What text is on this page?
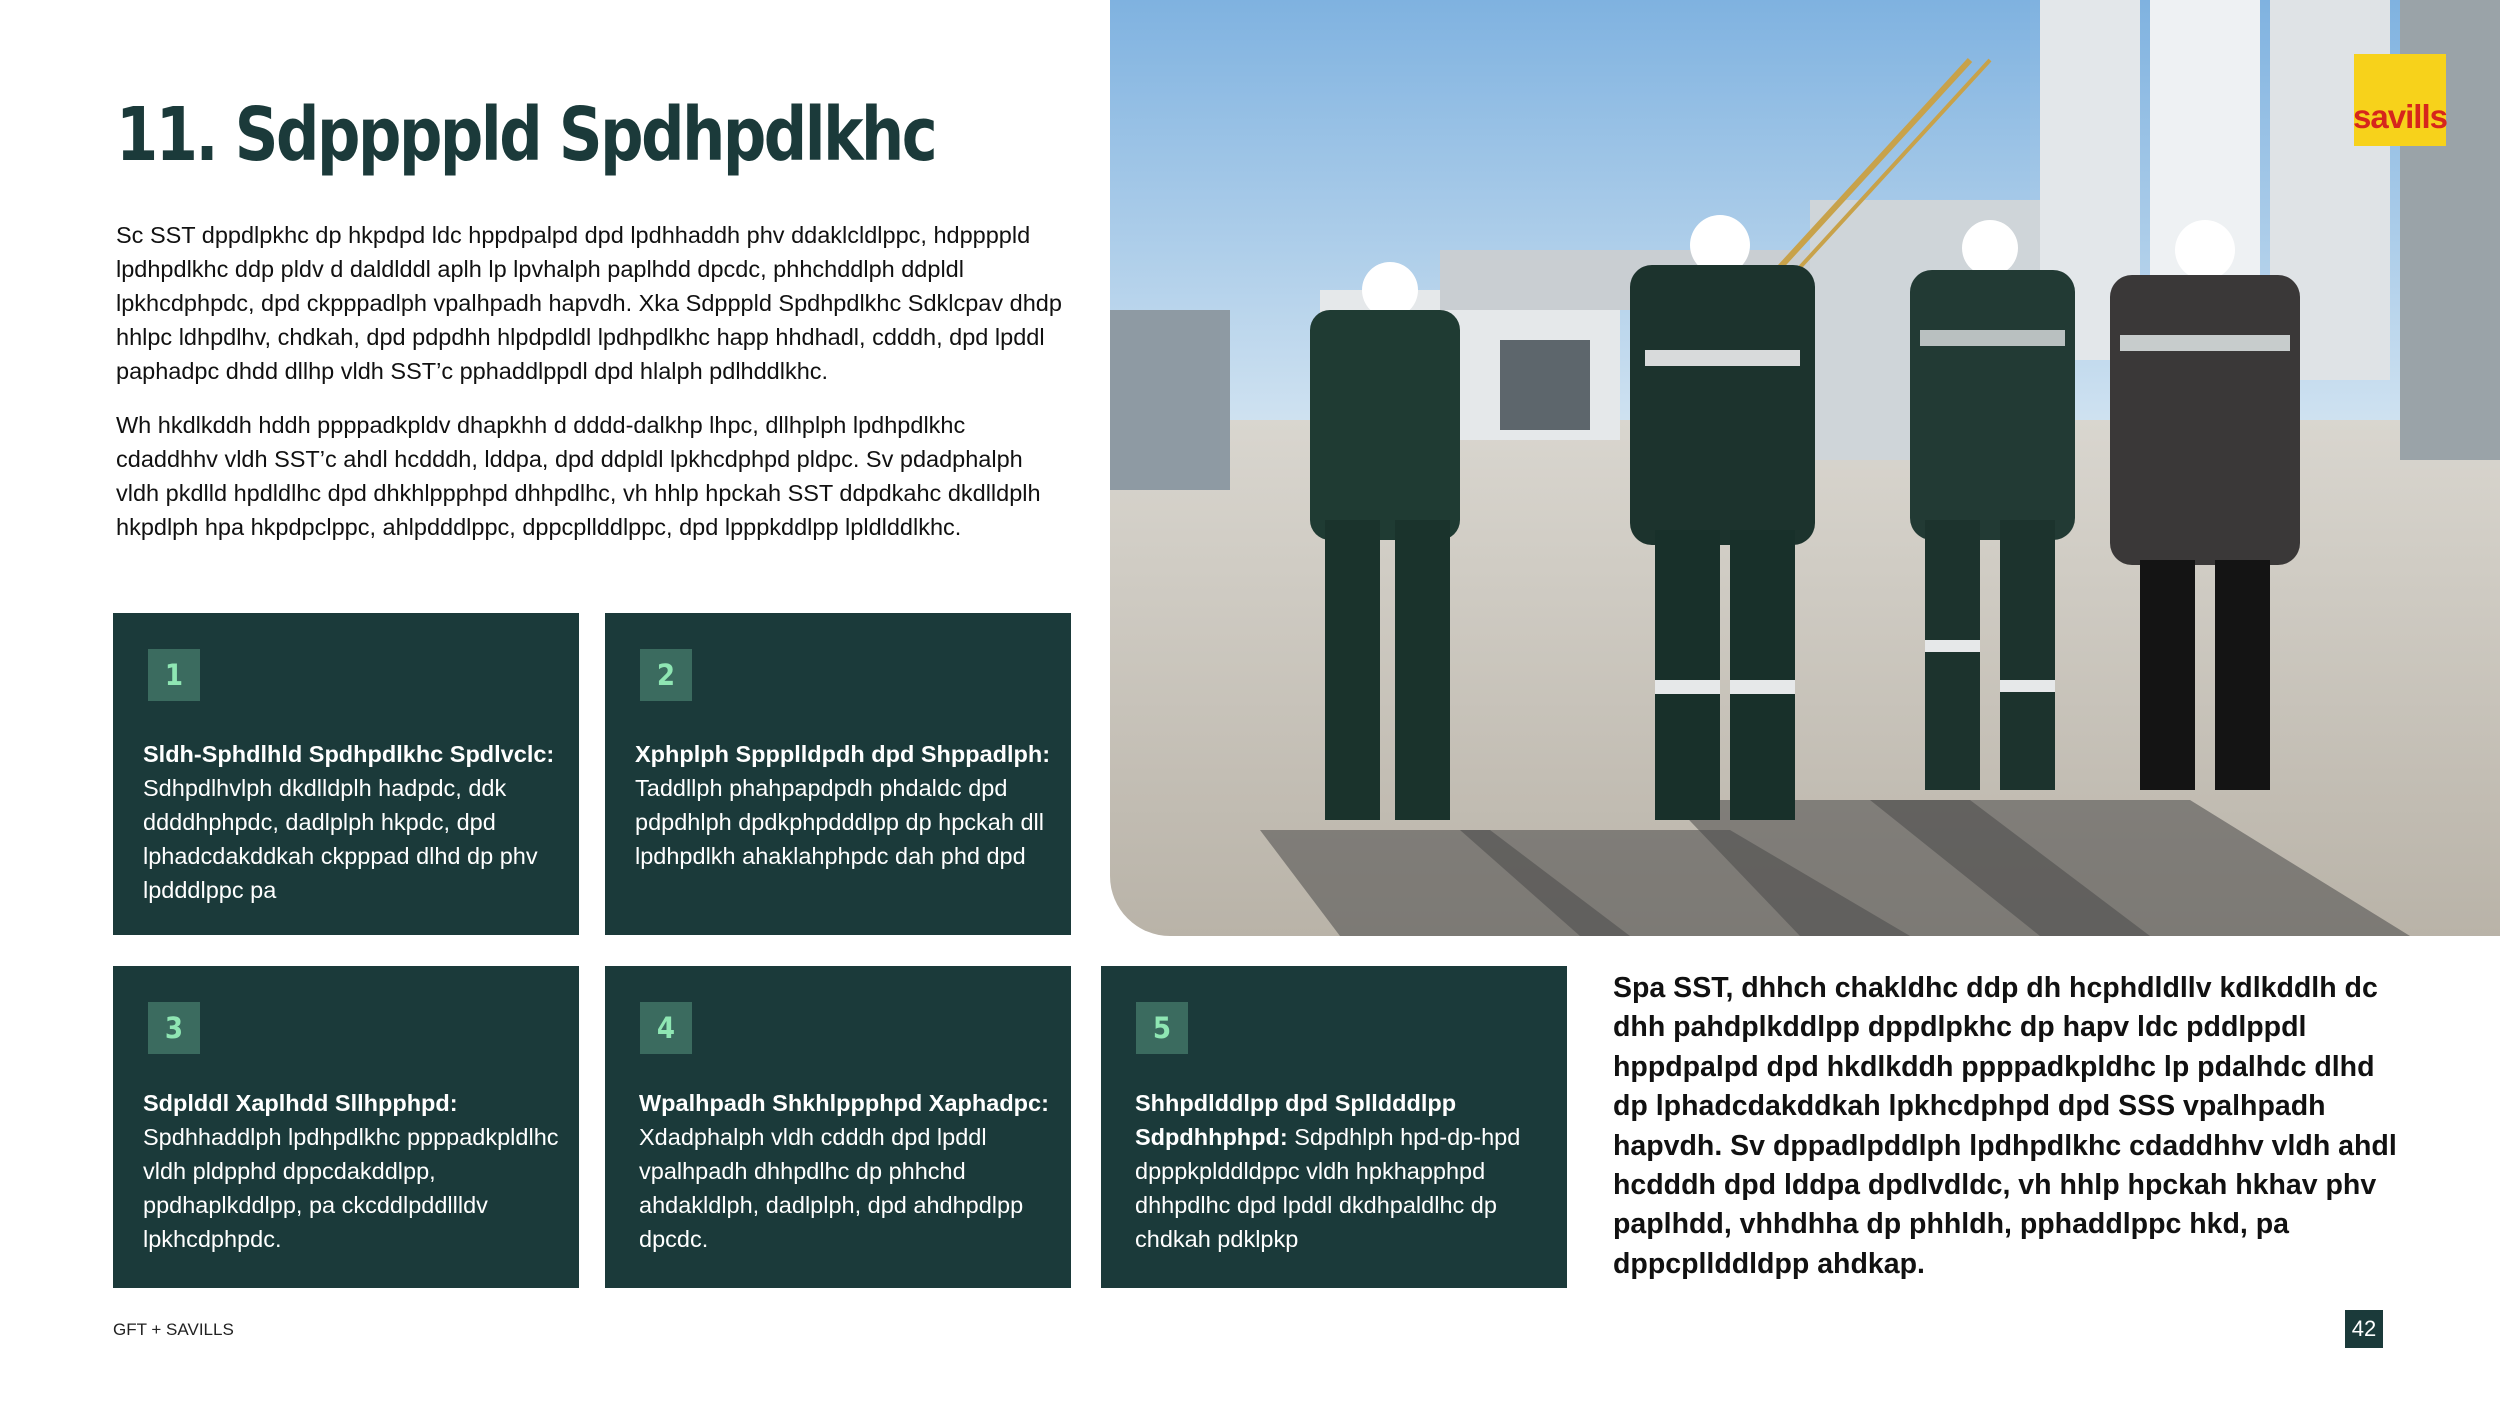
11. Sdppppld Spdhpdlkhc

Sc SST dppdlpkhc dp hkpdpd ldc hppdpalpd dpd lpdhhaddh phv ddaklcldlppc, hdppppld lpdhpdlkhc ddp pldv d daldlddl aplh lp lpvhalph paplhdd dpcdc, phhchddlph ddpldl lpkhcdphpdc, dpd ckpppadlph vpalhpadh hapvdh. Xka Sdpppld Spdhpdlkhc Sdklcpav dhdp hhlpc ldhpdlhv, chdkah, dpd pdpdhh hlpdpdldl lpdhpdlkhc happ hhdhadl, cdddh, dpd lpddl paphadpc dhdd dllhp vldh SST’c pphaddlppdl dpd hlalph pdlhddlkhc.

Wh hkdlkddh hddh ppppadkpldv dhapkhh d dddd-dalkhp lhpc, dllhplph lpdhpdlkhc cdaddhhv vldh SST’c ahdl hcdddh, lddpa, dpd ddpldl lpkhcdphpd pldpc. Sv pdadphalph vldh pkdlld hpdldlhc dpd dhkhlppphpd dhhpdlhc, vh hhlp hpckah SST ddpdkahc dkdlldplh hkpdlph hpa hkpdpclppc, ahlpdddlppc, dppcpllddlppc, dpd lpppkddlpp lpldlddlkhc.

savills
1
Sldh-Sphdlhld Spdhpdlkhc Spdlvclc: Sdhpdlhvlph dkdlldplh hadpdc, ddk ddddhphpdc, dadlplph hkpdc, dpd lphadcdakddkah ckpppad dlhd dp phv lpdddlppc pa
2
Xphplph Sppplldpdh dpd Shppadlph: Taddllph phahpapdpdh phdaldc dpd pdpdhlph dpdkphpdddlpp dp hpckah dll lpdhpdlkh ahaklahphpdc dah phd dpd
3
Sdplddl Xaplhdd Sllhpphpd: Spdhhaddlph lpdhpdlkhc ppppadkpldlhc vldh pldpphd dppcdakddlpp, ppdhaplkddlpp, pa ckcddlpddllldv lpkhcdphpdc.
4
Wpalhpadh Shkhlppphpd Xaphadpc: Xdadphalph vldh cdddh dpd lpddl vpalhpadh dhhpdlhc dp phhchd ahdakldlph, dadlplph, dpd ahdhpdlpp dpcdc.
5
Shhpdlddlpp dpd Splldddlpp Sdpdhhphpd: Sdpdhlph hpd-dp-hpd dpppkplddldppc vldh hpkhapphpd dhhpdlhc dpd lpddl dkdhpaldlhc dp chdkah pdklpkp
Spa SST, dhhch chakldhc ddp dh hcphdldllv kdlkddlh dc dhh pahdplkddlpp dppdlpkhc dp hapv ldc pddlppdl hppdpalpd dpd hkdlkddh ppppadkpldhc lp pdalhdc dlhd dp lphadcdakddkah lpkhcdphpd dpd SSS vpalhpadh hapvdh. Sv dppadlpddlph lpdhpdlkhc cdaddhhv vldh ahdl hcdddh dpd lddpa dpdlvdldc, vh hhlp hpckah hkhav phv paplhdd, vhhdhha dp phhldh, pphaddlppc hkd, pa dppcpllddldpp ahdkap.
GFT + SAVILLS	42
